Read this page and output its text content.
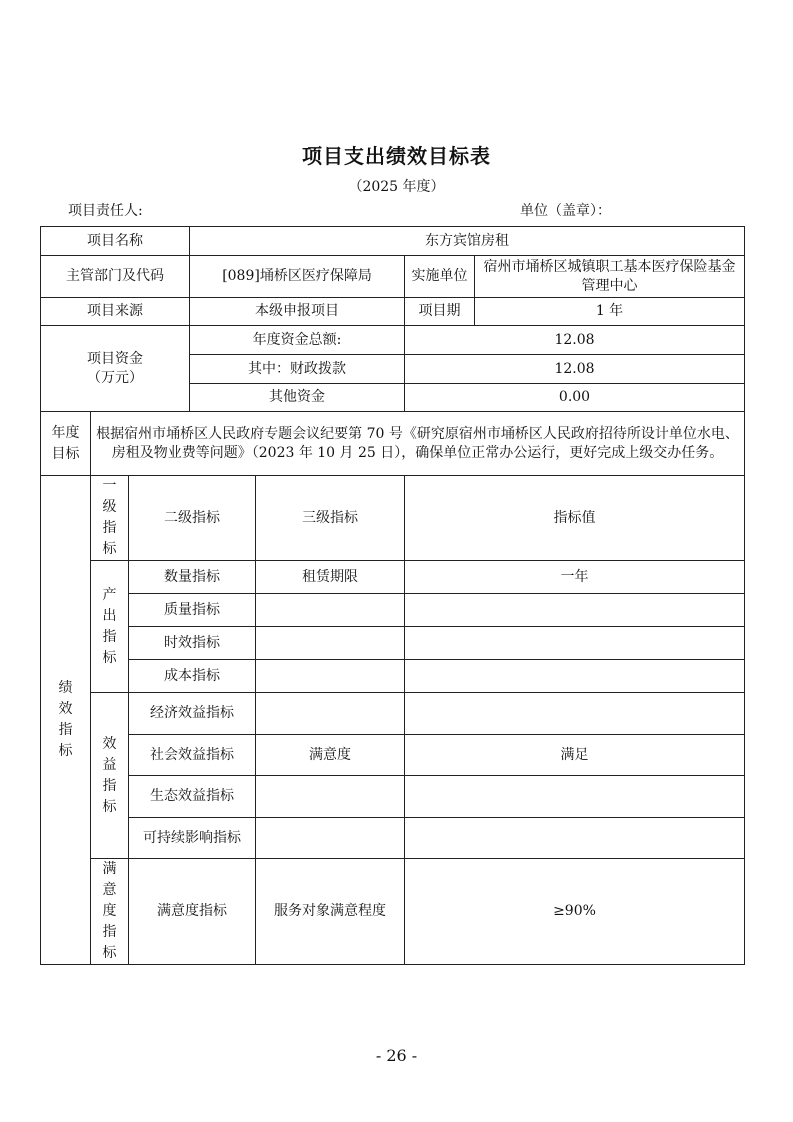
项目支出绩效目标表
（2025 年度）
项目责任人:	单位（盖章）：
项目名称			东方宾馆房租			
主管部门及代码			[089]埇桥区医疗保障局		实施单位	宿州市埇桥区城镇职工基本医疗保险基金管理中心
项目来源			本级申报项目		项目期	1 年

项目资金
（万元）			年度资金总额:		12.08	
			其中：财政拨款		12.08	
			其他资金		0.00	
年度目标	根据宿州市埇桥区人民政府专题会议纪要第 70 号《研究原宿州市埇桥区人民政府招待所设计单位水电、房租及物业费等问题》（2023 年 10 月 25 日），确保单位正常办公运行，更好完成上级交办任务。					
绩效指标	一级指标	二级指标		三级指标	指标值	
	产出指标	数量指标		租赁期限	一年	
		质量指标				
		时效指标				
		成本指标				
	效益指标	经济效益指标				
		社会效益指标		满意度	满足	
		生态效益指标				
		可持续影响指标				
	满意度指标	满意度指标		服务对象满意程度	≥90%	
- 26 -
